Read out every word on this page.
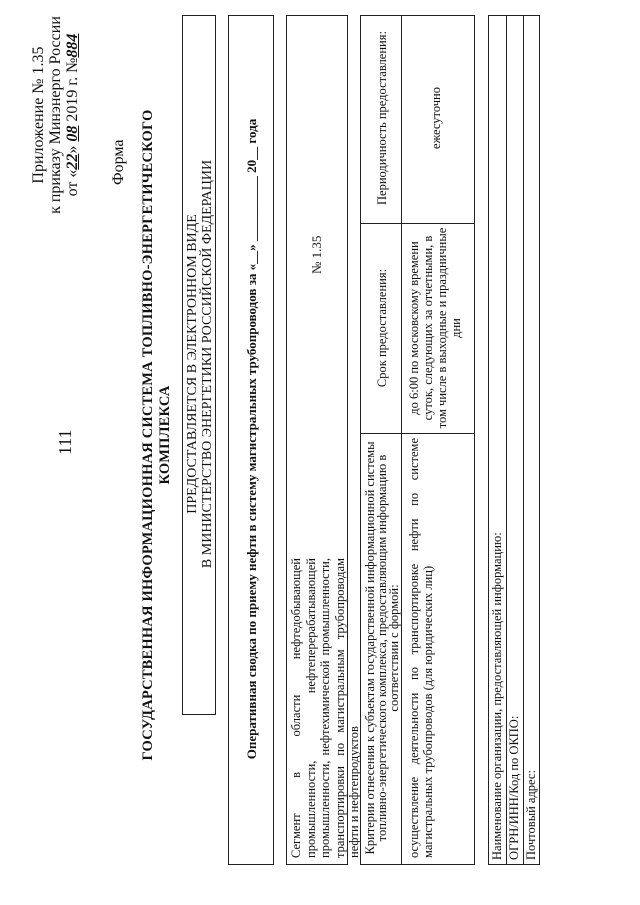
111
Приложение № 1.35 к приказу Минэнерго России от «22» 08 2019 г. №884
Форма ГОСУДАРСТВЕННАЯ ИНФОРМАЦИОННАЯ СИСТЕМА ТОПЛИВНО-ЭНЕРГЕТИЧЕСКОГО КОМПЛЕКСА ПРЕДОСТАВЛЯЕТСЯ В ЭЛЕКТРОННОМ ВИДЕ В МИНИСТЕРСТВО ЭНЕРГЕТИКИ РОССИЙСКОЙ ФЕДЕРАЦИИ Оперативная сводка по приему нефти в систему магистральных трубопроводов за «__» __________ 20__ года Сегмент в области нефтедобывающей промышленности, нефтеперерабатывающей промышленности, нефтехимической промышленности, транспортировки по магистральным трубопроводам нефти и нефтепродуктов
№ 1.35
Критерии отнесения к субъектам государственной информационной системы топливно-энергетического комплекса, предоставляющим информацию в соответствии с формой:
Срок предоставления:
Периодичность предоставления:
осуществление деятельности по транспортировке нефти по системе магистральных трубопроводов (для юридических лиц)
до 6:00 по московскому времени суток, следующих за отчетными, в том числе в выходные и праздничные дни
ежесуточно
Наименование организации, предоставляющей информацию: ОГРН/ИНН/Код по ОКПО: Почтовый адрес:
